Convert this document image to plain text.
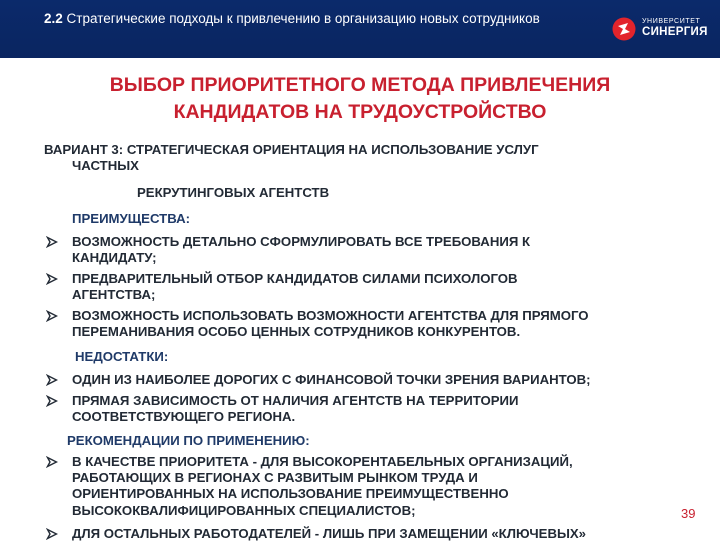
2.2 Стратегические подходы к привлечению в организацию новых сотрудников	УНИВЕРСИТЕТ
СИНЕРГИЯ
ВЫБОР ПРИОРИТЕТНОГО МЕТОДА ПРИВЛЕЧЕНИЯ
КАНДИДАТОВ НА ТРУДОУСТРОЙСТВО
ВАРИАНТ 3: СТРАТЕГИЧЕСКАЯ ОРИЕНТАЦИЯ НА ИСПОЛЬЗОВАНИЕ УСЛУГ
ЧАСТНЫХ
РЕКРУТИНГОВЫХ АГЕНТСТВ
ПРЕИМУЩЕСТВА:
ВОЗМОЖНОСТЬ ДЕТАЛЬНО СФОРМУЛИРОВАТЬ ВСЕ ТРЕБОВАНИЯ К
КАНДИДАТУ;
ПРЕДВАРИТЕЛЬНЫЙ ОТБОР КАНДИДАТОВ СИЛАМИ ПСИХОЛОГОВ
АГЕНТСТВА;
ВОЗМОЖНОСТЬ ИСПОЛЬЗОВАТЬ ВОЗМОЖНОСТИ АГЕНТСТВА ДЛЯ ПРЯМОГО
ПЕРЕМАНИВАНИЯ ОСОБО ЦЕННЫХ СОТРУДНИКОВ КОНКУРЕНТОВ.
НЕДОСТАТКИ:
ОДИН ИЗ НАИБОЛЕЕ ДОРОГИХ С ФИНАНСОВОЙ ТОЧКИ ЗРЕНИЯ ВАРИАНТОВ;
ПРЯМАЯ ЗАВИСИМОСТЬ ОТ НАЛИЧИЯ АГЕНТСТВ НА ТЕРРИТОРИИ
СООТВЕТСТВУЮЩЕГО РЕГИОНА.
РЕКОМЕНДАЦИИ ПО ПРИМЕНЕНИЮ:
В КАЧЕСТВЕ ПРИОРИТЕТА - ДЛЯ ВЫСОКОРЕНТАБЕЛЬНЫХ ОРГАНИЗАЦИЙ,
РАБОТАЮЩИХ В РЕГИОНАХ С РАЗВИТЫМ РЫНКОМ ТРУДА И
ОРИЕНТИРОВАННЫХ НА ИСПОЛЬЗОВАНИЕ ПРЕИМУЩЕСТВЕННО
ВЫСОКОКВАЛИФИЦИРОВАННЫХ СПЕЦИАЛИСТОВ;
ДЛЯ ОСТАЛЬНЫХ РАБОТОДАТЕЛЕЙ - ЛИШЬ ПРИ ЗАМЕЩЕНИИ «КЛЮЧЕВЫХ»
39
